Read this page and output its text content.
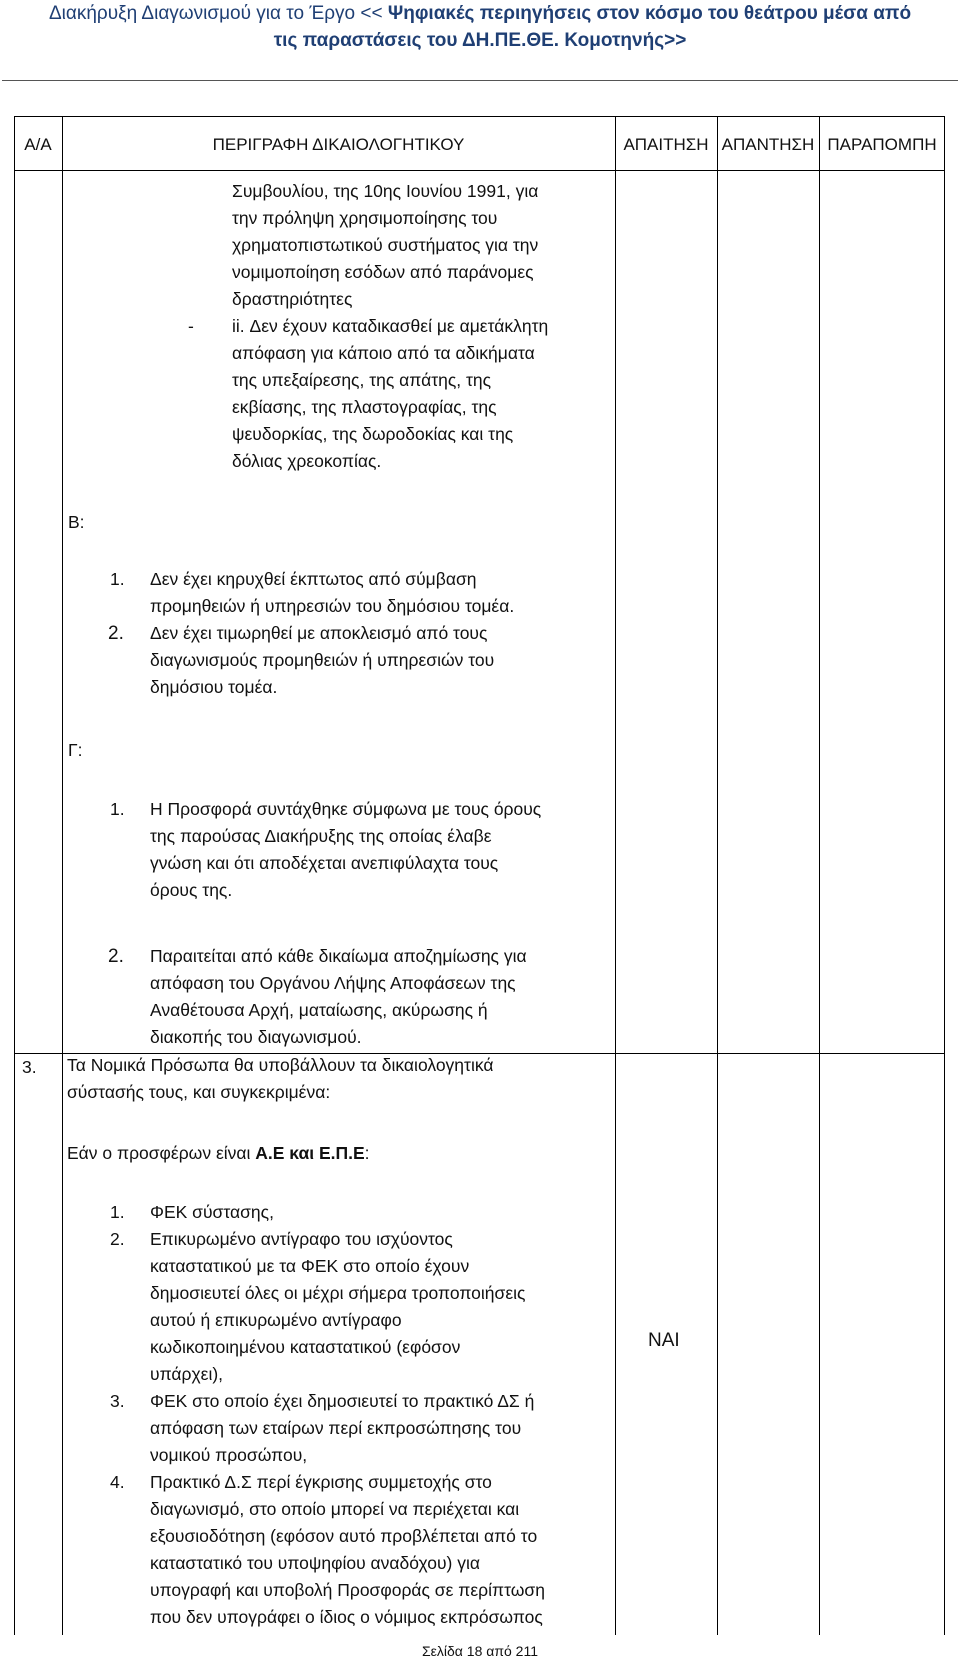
Διακήρυξη Διαγωνισμού για το Έργο << Ψηφιακές περιηγήσεις στον κόσμο του θεάτρου μέσα από
τις παραστάσεις του ΔΗ.ΠΕ.ΘΕ. Κομοτηνής>>
Α/Α	ΠΕΡΙΓΡΑΦΗ ΔΙΚΑΙΟΛΟΓΗΤΙΚΟΥ	ΑΠΑΙΤΗΣΗ ΑΠΑΝΤΗΣΗ ΠΑΡΑΠΟΜΠΗ
Συμβουλίου, της 10ης Ιουνίου 1991, για
την πρόληψη χρησιμοποίησης του
χρηματοπιστωτικού συστήματος για την
νομιμοποίηση εσόδων από παράνομες
δραστηριότητες
- ii. Δεν έχουν καταδικασθεί με αμετάκλητη
απόφαση για κάποιο από τα αδικήματα
της υπεξαίρεσης, της απάτης, της
εκβίασης, της πλαστογραφίας, της
ψευδορκίας, της δωροδοκίας και της
δόλιας χρεοκοπίας.
Β:
1. Δεν έχει κηρυχθεί έκπτωτος από σύμβαση
προμηθειών ή υπηρεσιών του δημόσιου τομέα.
2. Δεν έχει τιμωρηθεί με αποκλεισμό από τους
διαγωνισμούς προμηθειών ή υπηρεσιών του
δημόσιου τομέα.
Γ:
1. Η Προσφορά συντάχθηκε σύμφωνα με τους όρους
της παρούσας Διακήρυξης της οποίας έλαβε
γνώση και ότι αποδέχεται ανεπιφύλαχτα τους
όρους της.
2. Παραιτείται από κάθε δικαίωμα αποζημίωσης για
απόφαση του Οργάνου Λήψης Αποφάσεων της
Αναθέτουσα Αρχή, ματαίωσης, ακύρωσης ή
διακοπής του διαγωνισμού.
3. Τα Νομικά Πρόσωπα θα υποβάλλουν τα δικαιολογητικά
σύστασής τους, και συγκεκριμένα:
Εάν ο προσφέρων είναι Α.Ε και Ε.Π.Ε:
1. ΦΕΚ σύστασης,
2. Επικυρωμένο αντίγραφο του ισχύοντος
καταστατικού με τα ΦΕΚ στο οποίο έχουν
δημοσιευτεί όλες οι μέχρι σήμερα τροποποιήσεις
αυτού ή επικυρωμένο αντίγραφο
κωδικοποιημένου καταστατικού (εφόσον
υπάρχει),
3. ΦΕΚ στο οποίο έχει δημοσιευτεί το πρακτικό ΔΣ ή
απόφαση των εταίρων περί εκπροσώπησης του
νομικού προσώπου,
4. Πρακτικό Δ.Σ περί έγκρισης συμμετοχής στο
διαγωνισμό, στο οποίο μπορεί να περιέχεται και
εξουσιοδότηση (εφόσον αυτό προβλέπεται από το
καταστατικό του υποψηφίου αναδόχου) για
υπογραφή και υποβολή Προσφοράς σε περίπτωση
που δεν υπογράφει ο ίδιος ο νόμιμος εκπρόσωπος
ΝΑΙ
Σελίδα 18 από 211
